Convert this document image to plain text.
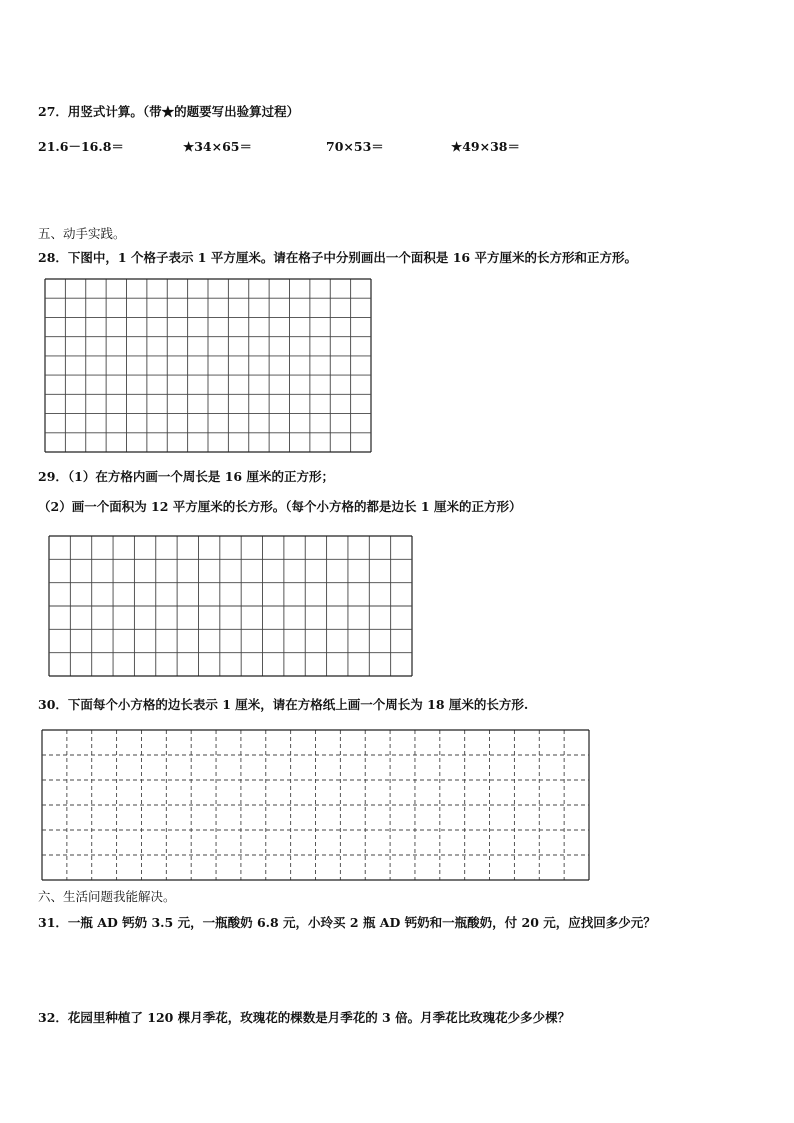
27．用竖式计算。（带★的题要写出验算过程）
21.6－16.8＝	★34×65＝	70×53＝	★49×38＝
五、动手实践。
28．下图中，1 个格子表示 1 平方厘米。请在格子中分别画出一个面积是 16 平方厘米的长方形和正方形。
29．（1）在方格内画一个周长是 16 厘米的正方形；
（2）画一个面积为 12 平方厘米的长方形。（每个小方格的都是边长 1 厘米的正方形）
30．下面每个小方格的边长表示 1 厘米，请在方格纸上画一个周长为 18 厘米的长方形.
六、生活问题我能解决。
31．一瓶 AD 钙奶 3.5 元，一瓶酸奶 6.8 元，小玲买 2 瓶 AD 钙奶和一瓶酸奶，付 20 元，应找回多少元？
32．花园里种植了 120 棵月季花，玫瑰花的棵数是月季花的 3 倍。月季花比玫瑰花少多少棵？
